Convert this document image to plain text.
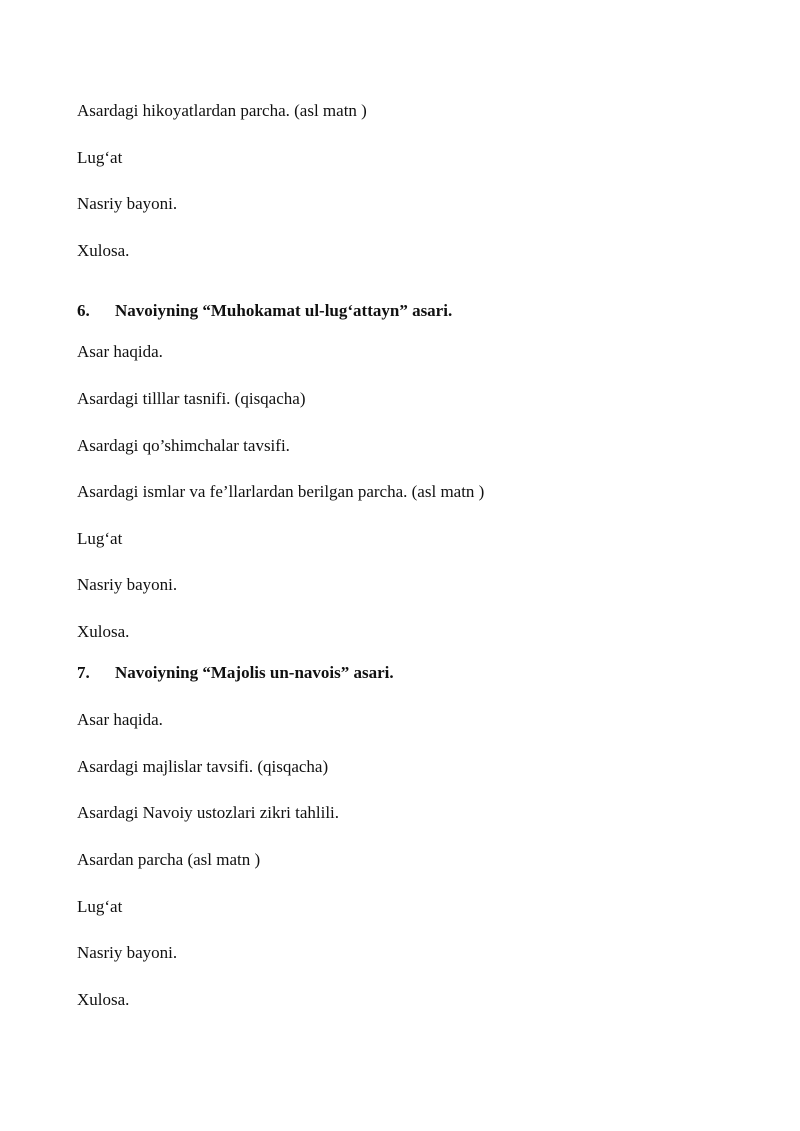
Asardagi hikoyatlardan parcha. (asl matn )
Lug‘at
Nasriy bayoni.
Xulosa.
6. Navoiyning “Muhokamat ul-lug‘attayn” asari.
Asar haqida.
Asardagi tilllar tasnifi. (qisqacha)
Asardagi qo’shimchalar tavsifi.
Asardagi ismlar va fe’llarlardan berilgan parcha. (asl matn )
Lug‘at
Nasriy bayoni.
Xulosa.
7. Navoiyning “Majolis un-navois” asari.
Asar haqida.
Asardagi majlislar tavsifi. (qisqacha)
Asardagi Navoiy ustozlari zikri tahlili.
Asardan parcha (asl matn )
Lug‘at
Nasriy bayoni.
Xulosa.
